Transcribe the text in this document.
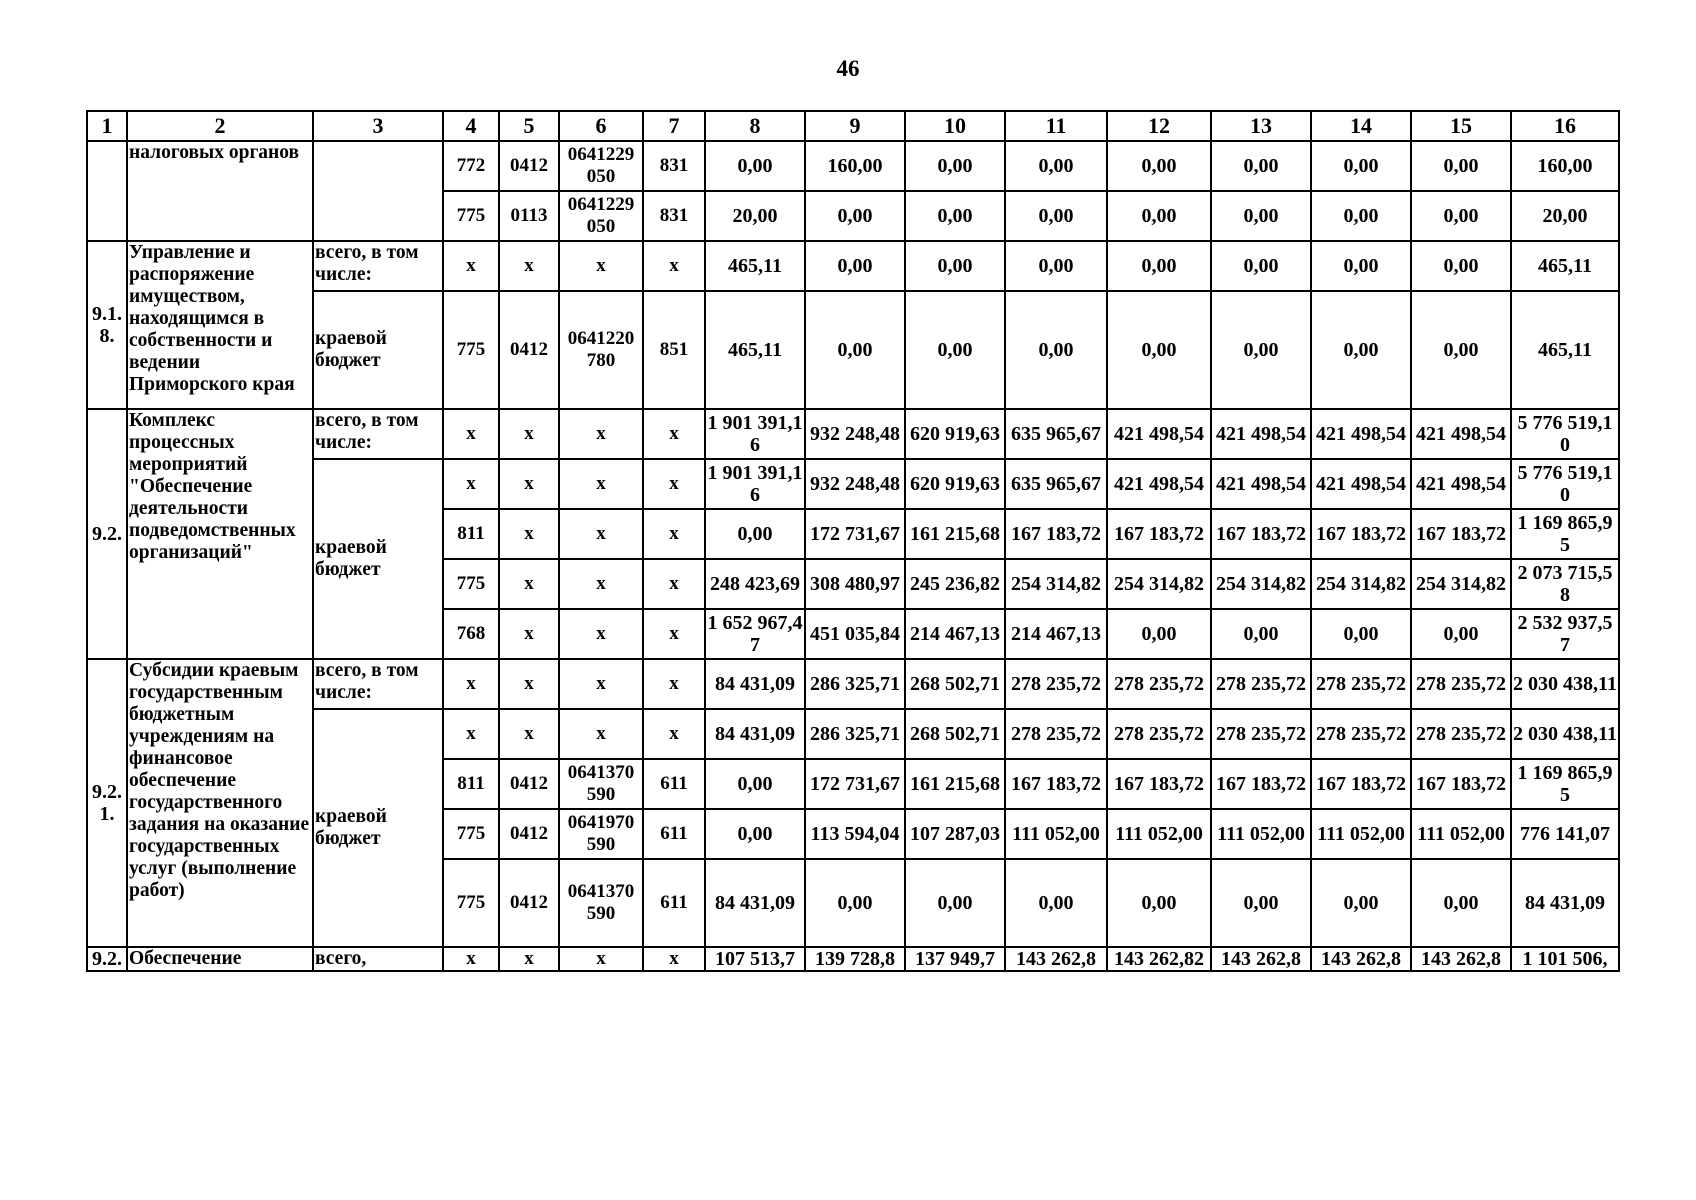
46
1	2	3	4	5	6	7	8	9	10	11	12	13	14	15	16
	налоговых органов		772	0412	0641229 050	831	0,00	160,00	0,00	0,00	0,00	0,00	0,00	0,00	160,00
			775	0113	0641229 050	831	20,00	0,00	0,00	0,00	0,00	0,00	0,00	0,00	20,00
9.1. 8.	Управление и распоряжение имуществом, находящимся в собственности и ведении Приморского края	всего, в том числе:	x	x	x	x	465,11	0,00	0,00	0,00	0,00	0,00	0,00	0,00	465,11
		краевой бюджет	775	0412	0641220 780	851	465,11	0,00	0,00	0,00	0,00	0,00	0,00	0,00	465,11
9.2.	Комплекс процессных мероприятий "Обеспечение деятельности подведомственных организаций"	всего, в том числе:	x	x	x	x	1 901 391,16	932 248,48	620 919,63	635 965,67	421 498,54	421 498,54	421 498,54	421 498,54	5 776 519,10
		краевой бюджет	x	x	x	x	1 901 391,16	932 248,48	620 919,63	635 965,67	421 498,54	421 498,54	421 498,54	421 498,54	5 776 519,10
			811	x	x	x	0,00	172 731,67	161 215,68	167 183,72	167 183,72	167 183,72	167 183,72	167 183,72	1 169 865,95
			775	x	x	x	248 423,69	308 480,97	245 236,82	254 314,82	254 314,82	254 314,82	254 314,82	254 314,82	2 073 715,58
			768	x	x	x	1 652 967,47	451 035,84	214 467,13	214 467,13	0,00	0,00	0,00	0,00	2 532 937,57
9.2. 1.	Субсидии краевым государственным бюджетным учреждениям на финансовое обеспечение государственного задания на оказание государственных услуг (выполнение работ)	всего, в том числе:	x	x	x	x	84 431,09	286 325,71	268 502,71	278 235,72	278 235,72	278 235,72	278 235,72	278 235,72	2 030 438,11
		краевой бюджет	x	x	x	x	84 431,09	286 325,71	268 502,71	278 235,72	278 235,72	278 235,72	278 235,72	278 235,72	2 030 438,11
			811	0412	0641370 590	611	0,00	172 731,67	161 215,68	167 183,72	167 183,72	167 183,72	167 183,72	167 183,72	1 169 865,95
			775	0412	0641970 590	611	0,00	113 594,04	107 287,03	111 052,00	111 052,00	111 052,00	111 052,00	111 052,00	776 141,07
			775	0412	0641370 590	611	84 431,09	0,00	0,00	0,00	0,00	0,00	0,00	0,00	84 431,09
9.2.	Обеспечение	всего,	x	x	x	x	107 513,7	139 728,8	137 949,7	143 262,8	143 262,82	143 262,8	143 262,8	143 262,8	1 101 506,
